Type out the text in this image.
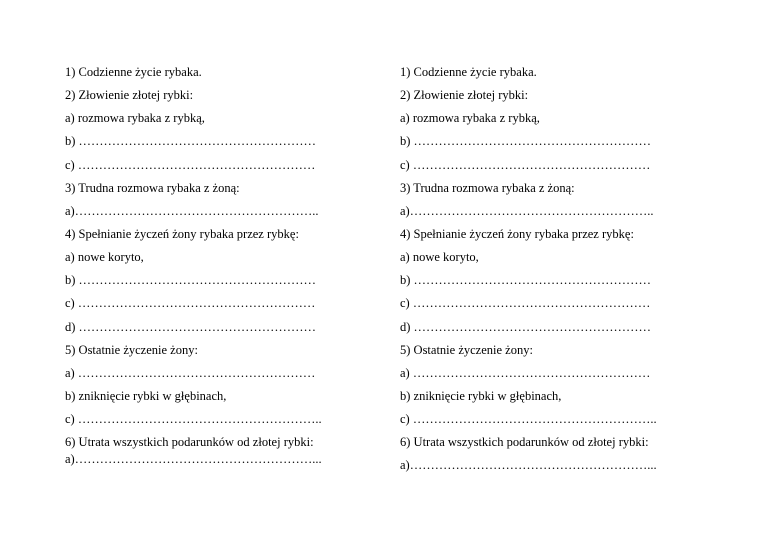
1) Codzienne życie rybaka.
2) Złowienie złotej rybki:
a) rozmowa rybaka z rybką,
b) …………………………………………………
c) …………………………………………………
3) Trudna rozmowa rybaka z żoną:
a)…………………………………………………..
4) Spełnianie życzeń żony rybaka przez rybkę:
a) nowe koryto,
b) …………………………………………………
c) …………………………………………………
d) …………………………………………………
5) Ostatnie życzenie żony:
a) …………………………………………………
b) zniknięcie rybki w głębinach,
c) …………………………………………………..
6) Utrata wszystkich podarunków od złotej rybki:
a)…………………………………………………...
1) Codzienne życie rybaka.
2) Złowienie złotej rybki:
a) rozmowa rybaka z rybką,
b) …………………………………………………
c) …………………………………………………
3) Trudna rozmowa rybaka z żoną:
a)…………………………………………………..
4) Spełnianie życzeń żony rybaka przez rybkę:
a) nowe koryto,
b) …………………………………………………
c) …………………………………………………
d) …………………………………………………
5) Ostatnie życzenie żony:
a) …………………………………………………
b) zniknięcie rybki w głębinach,
c) …………………………………………………..
6) Utrata wszystkich podarunków od złotej rybki:
a)…………………………………………………...
